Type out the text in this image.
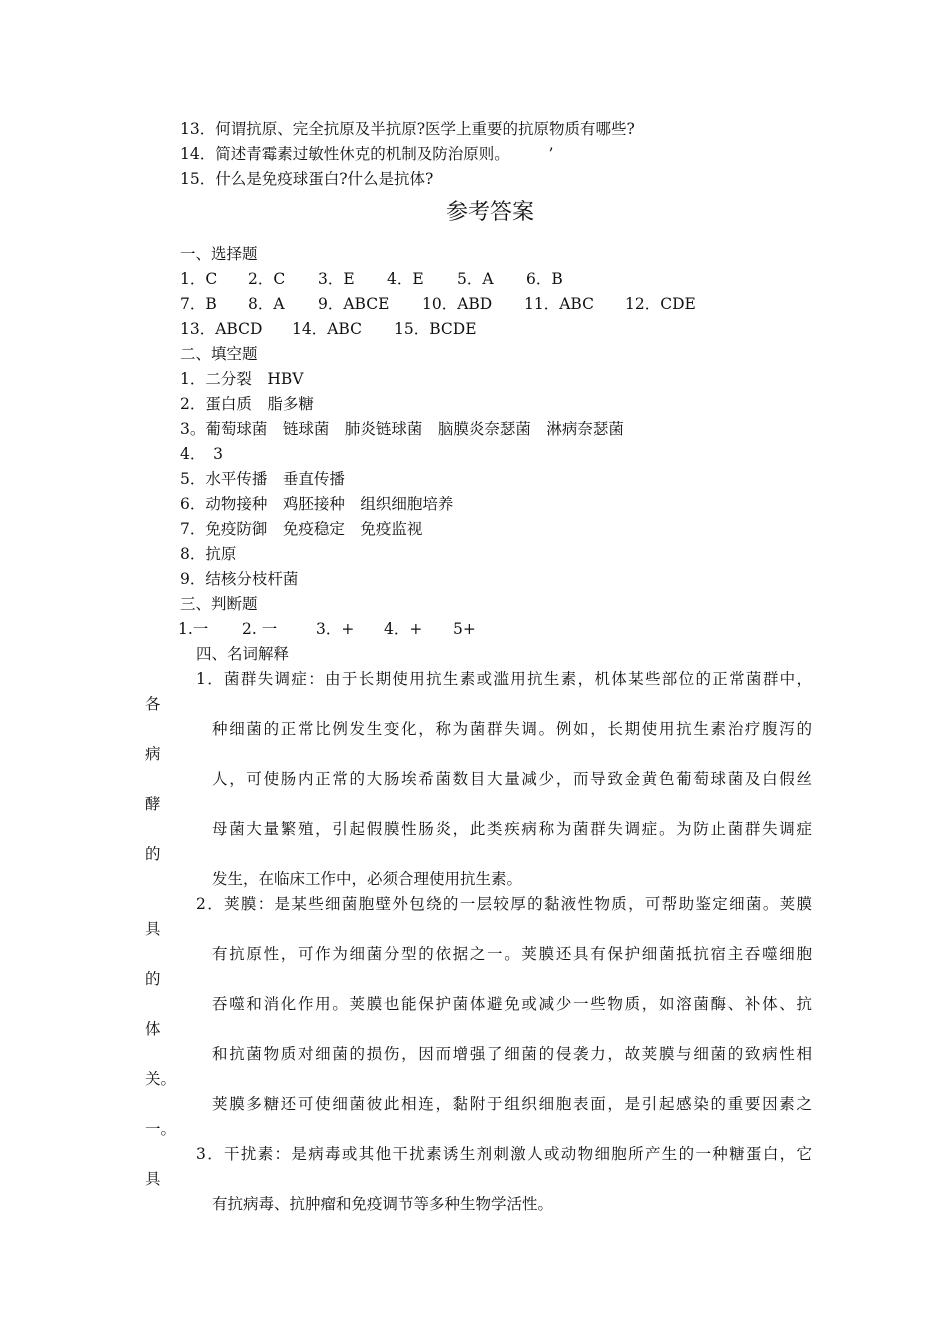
13．何谓抗原、完全抗原及半抗原?医学上重要的抗原物质有哪些?
14．简述青霉素过敏性休克的机制及防治原则。　　　’
15．什么是免疫球蛋白?什么是抗体?
参考答案
一、选择题
1．C 2．C 3．E 4．E 5．A 6．B
7．B 8．A 9．ABCE 10．ABD 11．ABC 12．CDE
13．ABCD 14．ABC 15．BCDE
二、填空题
1．二分裂　HBV
2．蛋白质　脂多糖
3。葡萄球菌　链球菌　肺炎链球菌　脑膜炎奈瑟菌　淋病奈瑟菌
4．　3
5．水平传播　垂直传播
6．动物接种　鸡胚接种　组织细胞培养
7．免疫防御　免疫稳定　免疫监视
8．抗原
9．结核分枝杆菌
三、判断题
1.一 2. 一	3．+ 4．+ 5+
四、名词解释
1．菌群失调症：由于长期使用抗生素或滥用抗生素，机体某些部位的正常菌群中，
各
种细菌的正常比例发生变化，称为菌群失调。例如，长期使用抗生素治疗腹泻的
病
人，可使肠内正常的大肠埃希菌数目大量减少，而导致金黄色葡萄球菌及白假丝
酵
母菌大量繁殖，引起假膜性肠炎，此类疾病称为菌群失调症。为防止菌群失调症
的
发生，在临床工作中，必须合理使用抗生素。
2．荚膜：是某些细菌胞壁外包绕的一层较厚的黏液性物质，可帮助鉴定细菌。荚膜
具
有抗原性，可作为细菌分型的依据之一。荚膜还具有保护细菌抵抗宿主吞噬细胞
的
吞噬和消化作用。荚膜也能保护菌体避免或减少一些物质，如溶菌酶、补体、抗
体
和抗菌物质对细菌的损伤，因而增强了细菌的侵袭力，故荚膜与细菌的致病性相
关。
荚膜多糖还可使细菌彼此相连，黏附于组织细胞表面，是引起感染的重要因素之
一。
3．干扰素：是病毒或其他干扰素诱生剂刺激人或动物细胞所产生的一种糖蛋白，它
具
有抗病毒、抗肿瘤和免疫调节等多种生物学活性。
